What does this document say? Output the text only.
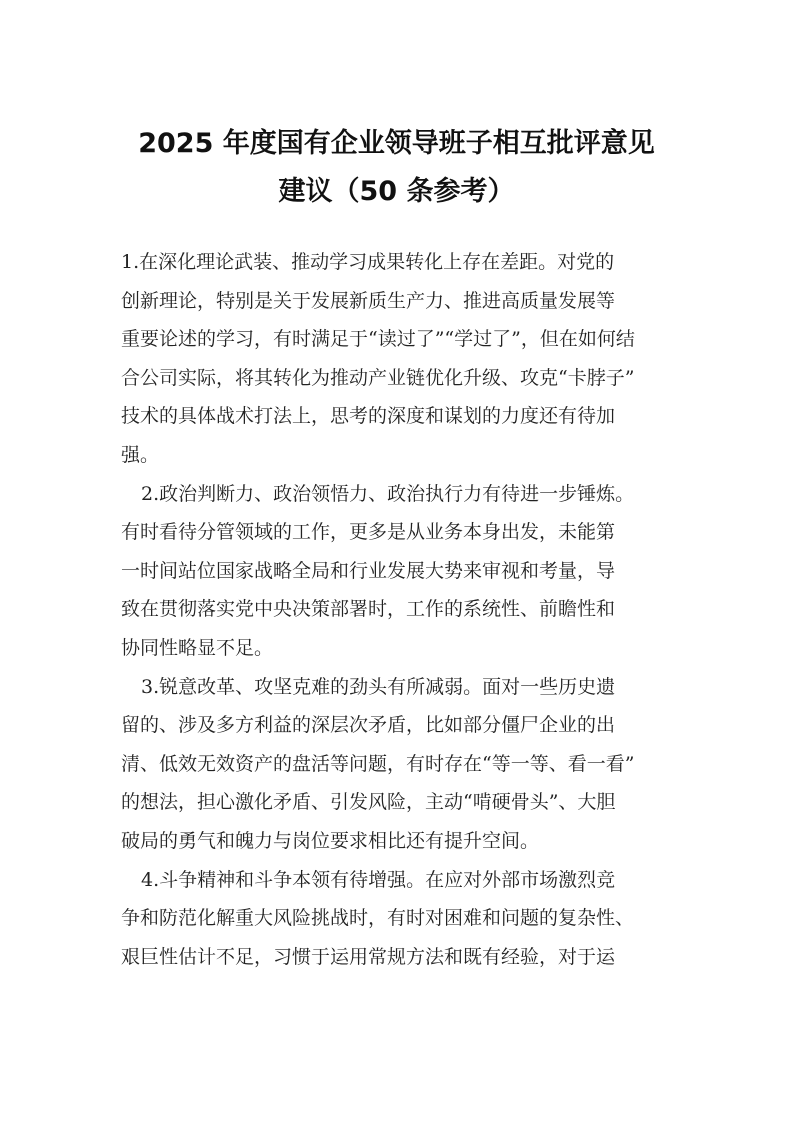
2025 年度国有企业领导班子相互批评意见
建议（50 条参考）
1.在深化理论武装、推动学习成果转化上存在差距。对党的
创新理论，特别是关于发展新质生产力、推进高质量发展等
重要论述的学习，有时满足于“读过了”“学过了”，但在如何结
合公司实际，将其转化为推动产业链优化升级、攻克“卡脖子”
技术的具体战术打法上，思考的深度和谋划的力度还有待加
强。
2.政治判断力、政治领悟力、政治执行力有待进一步锤炼。
有时看待分管领域的工作，更多是从业务本身出发，未能第
一时间站位国家战略全局和行业发展大势来审视和考量，导
致在贯彻落实党中央决策部署时，工作的系统性、前瞻性和
协同性略显不足。
3.锐意改革、攻坚克难的劲头有所减弱。面对一些历史遗
留的、涉及多方利益的深层次矛盾，比如部分僵尸企业的出
清、低效无效资产的盘活等问题，有时存在“等一等、看一看”
的想法，担心激化矛盾、引发风险，主动“啃硬骨头”、大胆
破局的勇气和魄力与岗位要求相比还有提升空间。
4.斗争精神和斗争本领有待增强。在应对外部市场激烈竞
争和防范化解重大风险挑战时，有时对困难和问题的复杂性、
艰巨性估计不足，习惯于运用常规方法和既有经验，对于运
